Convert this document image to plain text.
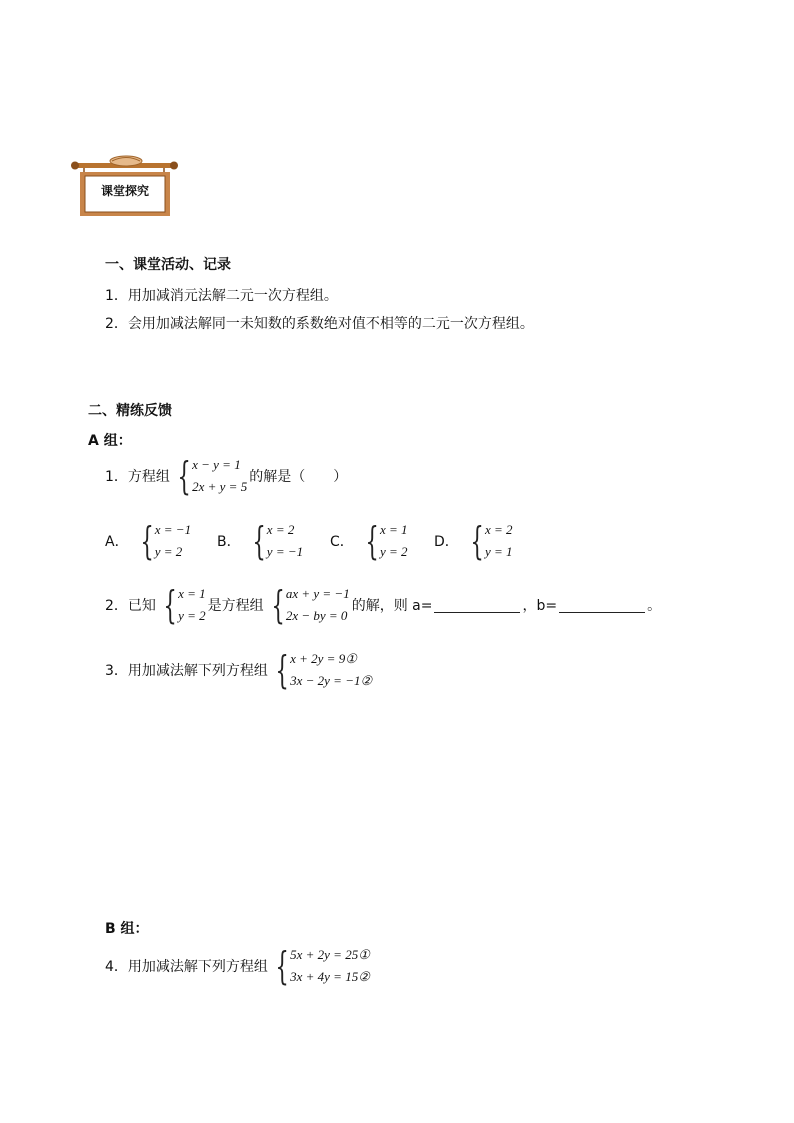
课堂探究
一、课堂活动、记录
1．用加减消元法解二元一次方程组。
2．会用加减法解同一未知数的系数绝对值不相等的二元一次方程组。
二、精练反馈
A 组：
1．方程组 { x − y = 1
2x + y = 5
的解是（　　）
A． { x = −1
y = 2
B． { x = 2
y = −1
C． { x = 1
y = 2
D． { x = 2
y = 1
2．已知 { x = 1
y = 2
是方程组 { ax + y = −1
2x − by = 0
的解，则 a=	，b=	。
3．用加减法解下列方程组 { x + 2y = 9①
3x − 2y = −1②
B 组：
4．用加减法解下列方程组 { 5x + 2y = 25①
3x + 4y = 15②
